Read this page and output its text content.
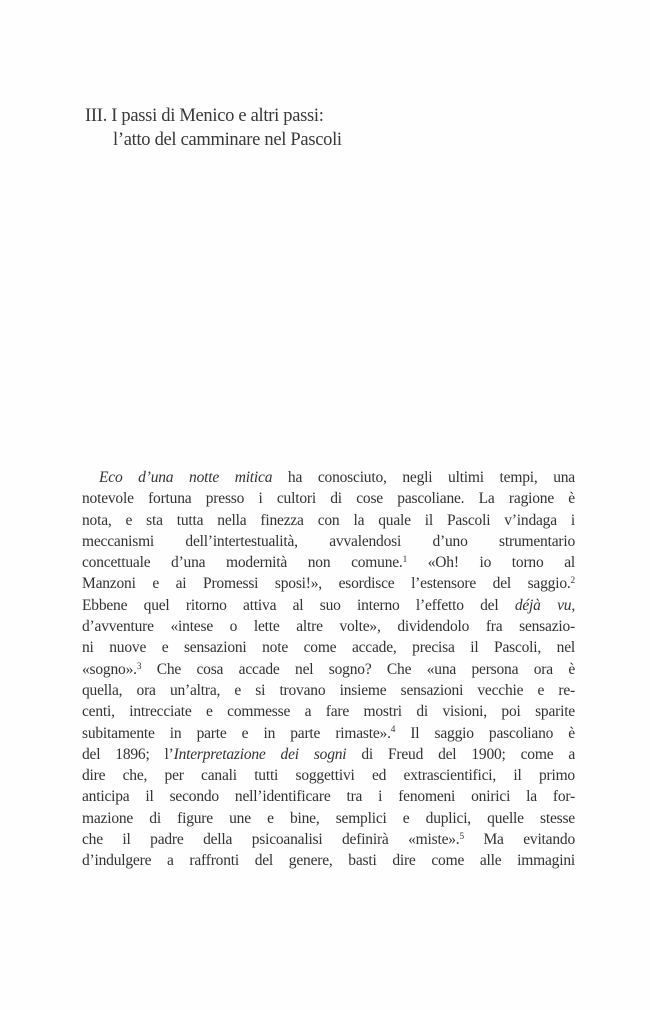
III. I passi di Menico e altri passi:
l’atto del camminare nel Pascoli
Eco d’una notte mitica ha conosciuto, negli ultimi tempi, una
notevole fortuna presso i cultori di cose pascoliane. La ragione è
nota, e sta tutta nella finezza con la quale il Pascoli v’indaga i
meccanismi dell’intertestualità, avvalendosi d’uno strumentario
concettuale d’una modernità non comune.$^1$ «Oh! io torno al
Manzoni e ai Promessi sposi!», esordisce l’estensore del saggio.$^2$
Ebbene quel ritorno attiva al suo interno l’effetto del déjà vu,
d’avventure «intese o lette altre volte», dividendolo fra sensazio-
ni nuove e sensazioni note come accade, precisa il Pascoli, nel
«sogno».$^3$ Che cosa accade nel sogno? Che «una persona ora è
quella, ora un’altra, e si trovano insieme sensazioni vecchie e re-
centi, intrecciate e commesse a fare mostri di visioni, poi sparite
subitamente in parte e in parte rimaste».$^4$ Il saggio pascoliano è
del 1896; l’Interpretazione dei sogni di Freud del 1900; come a
dire che, per canali tutti soggettivi ed extrascientifici, il primo
anticipa il secondo nell’identificare tra i fenomeni onirici la for-
mazione di figure une e bine, semplici e duplici, quelle stesse
che il padre della psicoanalisi definirà «miste».$^5$ Ma evitando
d’indulgere a raffronti del genere, basti dire come alle immagini
